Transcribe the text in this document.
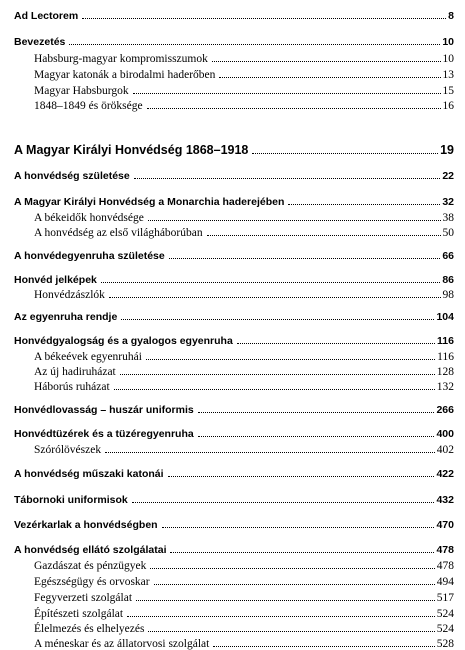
Ad Lectorem	8
Bevezetés	10
Habsburg-magyar kompromisszumok	10
Magyar katonák a birodalmi haderőben	13
Magyar Habsburgok	15
1848–1849 és öröksége	16
A Magyar Királyi Honvédség 1868–1918	19
A honvédség születése	22
A Magyar Királyi Honvédség a Monarchia haderejében	32
A békeidők honvédsége	38
A honvédség az első világháborúban	50
A honvédegyenruha születése	66
Honvéd jelképek	86
Honvédzászlók	98
Az egyenruha rendje	104
Honvédgyalogság és a gyalogos egyenruha	116
A békeévek egyenruhái	116
Az új hadiruházat	128
Háborús ruházat	132
Honvédlovasság – huszár uniformis	266
Honvédtüzérek és a tüzéregyenruha	400
Szórólövészek	402
A honvédség műszaki katonái	422
Tábornoki uniformisok	432
Vezérkarlak a honvédségben	470
A honvédség ellátó szolgálatai	478
Gazdászat és pénzügyek	478
Egészségügy és orvoskar	494
Fegyverzeti szolgálat	517
Építészeti szolgálat	524
Élelmezés és elhelyezés	524
A méneskar és az állatorvosi szolgálat	528
